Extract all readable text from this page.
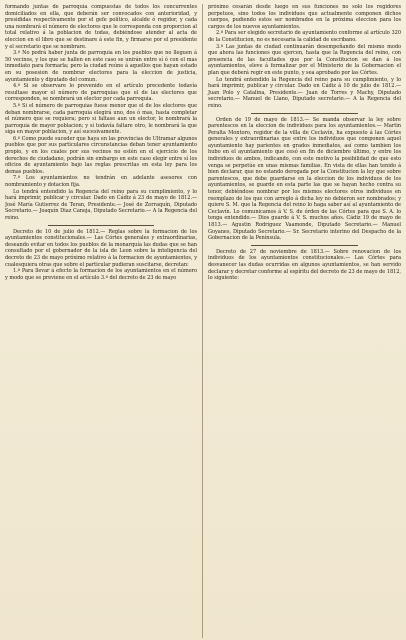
formando juntas de parroquia compuestas de todos los concurrentes domiciliados en ella, que deberán ser convocados con anterioridad, y presididas respectivamente por el gefe político, alcalde ó regidor, y cada una nombrará el número de electores que le corresponda con proporcion al total relativo á la poblacion de todas, debiéndose atender al acta de eleccion en el libro que se destinare á este fin, y firmarse por el presidente y el secretario que se nombrare.

3.º No podrá haber junta de parroquia en los pueblos que no lleguen á 50 vecinos, y los que se hallen en este caso se unirán entre sí ó con el mas inmediato para formarla; pero la ciudad reúne á aquellos que hayan estado en su posesion de nombrar electores para la eleccion de justicia, ayuntamiento y diputado del comun.

4.º Si se observare lo prevenido en el artículo precedente todavía resultase mayor el número de parroquias que el de las electores que corresponden, se nombrará un elector por cada parroquia.

5.º Si el número de parroquias fuese menor que el de los electores que deban nombrarse, cada parroquia elegirá uno, dos ó mas, hasta completar el número que se requiera; pero si faltase aun un elector, le nombrará la parroquia de mayor poblacion; y si todavía faltare otro, le nombrará la que siga en mayor poblacion, y así sucesivamente.

6.º Como puede suceder que haya en las provincias de Ultramar algunos pueblos que por sus particulares circunstancias deban tener ayuntamiento propio, y en los cuales por sus vecinos no estén en el ejercicio de los derechos de ciudadano, podrán sin embargo en este caso elegir entre sí los oficios de ayuntamiento bajo las reglas prescritas en esta ley para los demas pueblos.

7.º Los ayuntamientos no tendrán en adelante asesores con nombramiento y dotacion fija.

Lo tendrá entendido la Regencia del reino para su cumplimiento, y lo hará imprimir, publicar y circular. Dado en Cádiz á 23 de mayo de 1812.— José María Gutierrez de Teran, Presidente.— José de Zorraquín, Diputado Secretario.— Joaquín Diaz Caneja, Diputado Secretario.— A la Regencia del reino.

Decreto de 10 de julio de 1812.— Reglas sobre la formacion de los ayuntamientos constitucionales.— Las Córtes generales y extraordinarias, deseando evitar en todos los pueblos de la monarquía las dudas que se han consultado por el gobernador de la isla de Leon sobre la inteligencia del decreto de 23 de mayo próximo relativo á la formacion de ayuntamientos, y cualesquiera otras que sobre el particular pudieran suscitarse, decretan:

1.º Para llevar á efecto la formacion de los ayuntamientos en el número y modo que se previene en el artículo 3.º del decreto de 23 de mayo

próximo cesarán desde luego en sus funciones no solo los regidores perpetuos, sino todos los individuos que actualmente componen dichos cuerpos, pudiendo estos ser nombrados en la próxima eleccion para los cargos de los nuevos ayuntamientos.

2.º Para ser elegido secretario de ayuntamiento conforme al artículo 320 de la Constitucion, no es necesaria la calidad de escribano.

3.º Las juntas de ciudad continuarán desempeñando del mismo modo que ahora las funciones que ejercen, hasta que la Regencia del reino, con presencia de las facultades que por la Constitucion se dan á los ayuntamientos, eleve á formalizar por el Ministerio de la Gobernacion el plan que deberá regir en este punto, y sea aprobado por las Córtes.

Lo tendrá entendido la Regencia del reino para su cumplimiento, y lo hará imprimir, publicar y circular. Dado en Cádiz á 10 de julio de 1812.— Juan Polo y Catalina, Presidente.— Juan de Torres y Machy, Diputado secretario.— Manuel de Llano, Diputado secretario.— A la Regencia del reino.

Orden de 19 de mayo de 1813.— Se manda observar la ley sobre parentescos en la eleccion de individuos para los ayuntamientos.— Martin Peralta Montoro, regidor de la villa de Ceclavín, ha expuesto á las Córtes generales y extraordinarias que entre los individuos que componen aquel ayuntamiento hay parientes en grados inmediatos, así como tambien los hubo en el ayuntamiento que cesó en fin de diciembre último, y entre los individuos de ambos, indicando, con este motivo la posibilidad de que esto venga se perpetúe en unas mismas familias. En vista de ellas han tenido á bien declarar, que no estando derogada por la Constitucion la ley que sobre parentescos, que debe guardarse en la eleccion de los individuos de los ayuntamientos, se guarde en esta parte las que se hayan hecho contra su tenor, debiéndose nombrar por los mismos electores otros individuos en reemplazo de los que con arreglo á dicha ley no debieron ser nombrados; y quiere S. M. que la Regencia del reino lo haga saber así al ayuntamiento de Ceclavín. Lo comunicamos á V. S. de órden de las Córtes para que S. A. lo tenga entendido.— Dios guarde á V. S. muchos años. Cádiz 19 de mayo de 1813.— Agustin Rodriguez Vaamonde, Diputado Secretario.— Manuel Goyanes, Diputado Secretario.— Sr. Secretario interino del Despacho de la Gobernacion de la Península.

Decreto de 27 de noviembre de 1813.— Sobre renovacion de los individuos de los ayuntamientos constitucionales.— Las Córtes para desvanecer las dudas ocurridas en algunos ayuntamientos, se han servido declarar y decretar conforme al espíritu del decreto de 23 de mayo de 1812, lo siguiente:
